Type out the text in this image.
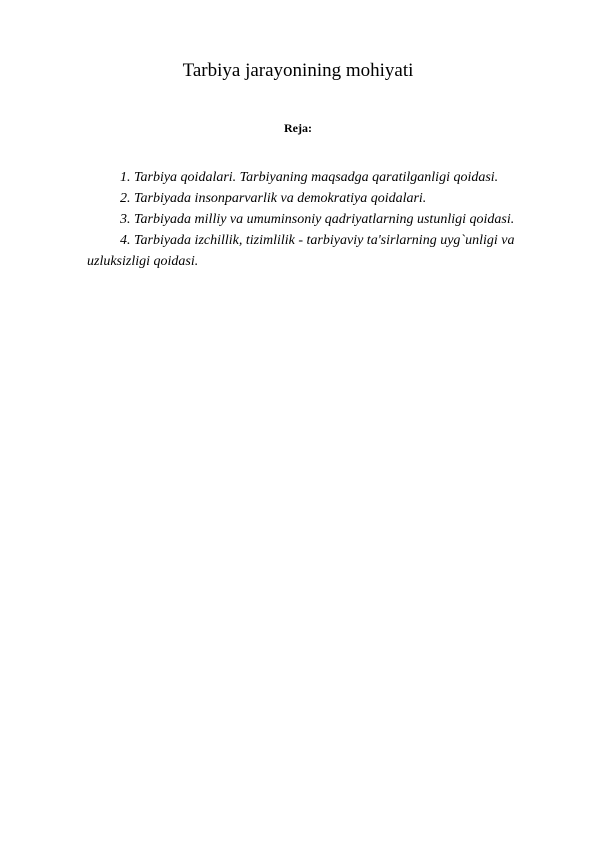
Tarbiya jarayonining mohiyati
Reja:
1. Tarbiya qoidalari. Tarbiyaning maqsadga qaratilganligi qoidasi.
2. Tarbiyada insonparvarlik va demokratiya qoidalari.
3. Tarbiyada milliy va umuminsoniy qadriyatlarning ustunligi qoidasi.
4. Tarbiyada izchillik, tizimlilik - tarbiyaviy ta'sirlarning uyg`unligi va uzluksizligi qoidasi.
